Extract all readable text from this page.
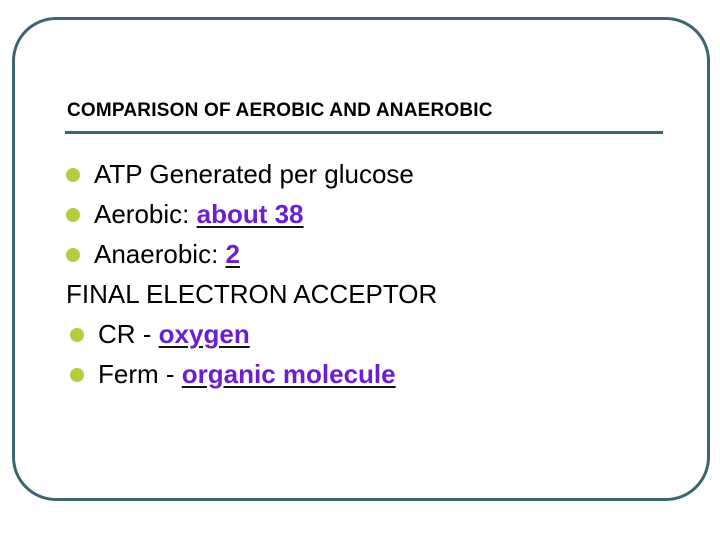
COMPARISON OF AEROBIC AND ANAEROBIC
ATP Generated per glucose
Aerobic: about 38
Anaerobic: 2
FINAL ELECTRON ACCEPTOR
CR - oxygen
Ferm - organic molecule
